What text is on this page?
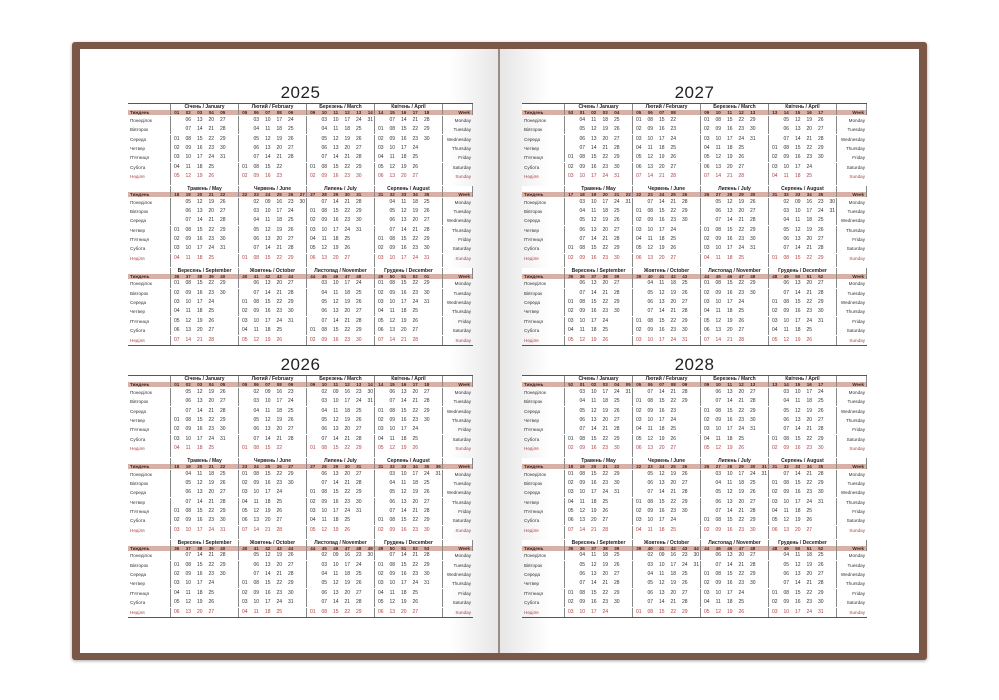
2025
Січень / January	Лютий / February	Березень / March	Квітень / April
Тиждень	01 02 03 04 05	05 06 07 08 09	09 10 11 12 13 14	14 15 16 17 18	Week
Понеділок	06 13 20 27	03 10 17 24	03 10 17 24 31	07 14 21 28	Monday
Вівторок	07 14 21 28	04 11 18 25	04 11 18 25	01 08 15 22 29	Tuesday
Середа	01 08 15 22 29	05 12 19 26	05 12 19 26	02 09 16 23 30	Wednesday
Четвер	02 09 16 23 30	06 13 20 27	06 13 20 27	03 10 17 24	Thursday
П'ятниця	03 10 17 24 31	07 14 21 28	07 14 21 28	04 11 18 25	Friday
Субота	04 11 18 25	01 08 15 22	01 08 15 22 29	05 12 19 26	Saturday
Неділя	05 12 19 26	02 09 16 23	02 09 16 23 30	06 13 20 27	Sunday
Травень / May	Червень / June	Липень / July	Серпень / August
Тиждень	18 19 20 21 22	22 23 24 25 26 27	27 28 29 30 31	31 32 33 34 35	Week
Понеділок	05 12 19 26	02 09 16 23 30	07 14 21 28	04 11 18 25	Monday
Вівторок	06 13 20 27	03 10 17 24	01 08 15 22 29	05 12 19 26	Tuesday
Середа	07 14 21 28	04 11 18 25	02 09 16 23 30	06 13 20 27	Wednesday
Четвер	01 08 15 22 29	05 12 19 26	03 10 17 24 31	07 14 21 28	Thursday
П'ятниця	02 09 16 23 30	06 13 20 27	04 11 18 25	01 08 15 22 29	Friday
Субота	03 10 17 24 31	07 14 21 28	05 12 19 26	02 09 16 23 30	Saturday
Неділя	04 11 18 25	01 08 15 22 29	06 13 20 27	03 10 17 24 31	Sunday
Вересень / September	Жовтень / October	Листопад / November	Грудень / December
Тиждень	36 37 38 39 40	40 41 42 43 44	44 45 46 47 48	49 50 51 52 01	Week
Понеділок	01 08 15 22 29	06 13 20 27	03 10 17 24	01 08 15 22 29	Monday
Вівторок	02 09 16 23 30	07 14 21 28	04 11 18 25	02 09 16 23 30	Tuesday
Середа	03 10 17 24	01 08 15 22 29	05 12 19 26	03 10 17 24 31	Wednesday
Четвер	04 11 18 25	02 09 16 23 30	06 13 20 27	04 11 18 25	Thursday
П'ятниця	05 12 19 26	03 10 17 24 31	07 14 21 28	05 12 19 26	Friday
Субота	06 13 20 27	04 11 18 25	01 08 15 22 29	06 13 20 27	Saturday
Неділя	07 14 21 28	05 12 19 26	02 09 16 23 30	07 14 21 28	Sunday
2026
Січень / January	Лютий / February	Березень / March	Квітень / April
Тиждень	01 02 03 04 05	05 06 07 08 09	09 10 11 12 13 14	14 15 16 17 18	Week
Понеділок	05 12 19 26	02 09 16 23	02 09 16 23 30	06 13 20 27	Monday
Вівторок	06 13 20 27	03 10 17 24	03 10 17 24 31	07 14 21 28	Tuesday
Середа	07 14 21 28	04 11 18 25	04 11 18 25	01 08 15 22 29	Wednesday
Четвер	01 08 15 22 29	05 12 19 26	05 12 19 26	02 09 16 23 30	Thursday
П'ятниця	02 09 16 23 30	06 13 20 27	06 13 20 27	03 10 17 24	Friday
Субота	03 10 17 24 31	07 14 21 28	07 14 21 28	04 11 18 25	Saturday
Неділя	04 11 18 25	01 08 15 22	01 08 15 22 29	05 12 19 26	Sunday
Травень / May	Червень / June	Липень / July	Серпень / August
Тиждень	18 19 20 21 22	23 24 25 26 27	27 28 29 30 31	31 32 33 34 35 36	Week
Понеділок	04 11 18 25	01 08 15 22 29	06 13 20 27	03 10 17 24 31	Monday
Вівторок	05 12 19 26	02 09 16 23 30	07 14 21 28	04 11 18 25	Tuesday
Середа	06 13 20 27	03 10 17 24	01 08 15 22 29	05 12 19 26	Wednesday
Четвер	07 14 21 28	04 11 18 25	02 09 16 23 30	06 13 20 27	Thursday
П'ятниця	01 08 15 22 29	05 12 19 26	03 10 17 24 31	07 14 21 28	Friday
Субота	02 09 16 23 30	06 13 20 27	04 11 18 25	01 08 15 22 29	Saturday
Неділя	03 10 17 24 31	07 14 21 28	05 12 19 26	02 09 16 23 30	Sunday
Вересень / September	Жовтень / October	Листопад / November	Грудень / December
Тиждень	36 37 38 39 40	40 41 42 43 44	44 45 46 47 48 49	49 50 51 52 53	Week
Понеділок	07 14 21 28	05 12 19 26	02 09 16 23 30	07 14 21 28	Monday
Вівторок	01 08 15 22 29	06 13 20 27	03 10 17 24	01 08 15 22 29	Tuesday
Середа	02 09 16 23 30	07 14 21 28	04 11 18 25	02 09 16 23 30	Wednesday
Четвер	03 10 17 24	01 08 15 22 29	05 12 19 26	03 10 17 24 31	Thursday
П'ятниця	04 11 18 25	02 09 16 23 30	06 13 20 27	04 11 18 25	Friday
Субота	05 12 19 26	03 10 17 24 31	07 14 21 28	05 12 19 26	Saturday
Неділя	06 13 20 27	04 11 18 25	01 08 15 22 29	06 13 20 27	Sunday
2027
Січень / January	Лютий / February	Березень / March	Квітень / April
Тиждень	53 01 02 03 04	05 06 07 08	09 10 11 12 13	13 14 15 16 17	Week
Понеділок	04 11 18 25	01 08 15 22	01 08 15 22 29	05 12 19 26	Monday
Вівторок	05 12 19 26	02 09 16 23	02 09 16 23 30	06 13 20 27	Tuesday
Середа	06 13 20 27	03 10 17 24	03 10 17 24 31	07 14 21 28	Wednesday
Четвер	07 14 21 28	04 11 18 25	04 11 18 25	01 08 15 22 29	Thursday
П'ятниця	01 08 15 22 29	05 12 19 26	05 12 19 26	02 09 16 23 30	Friday
Субота	02 09 16 23 30	06 13 20 27	06 13 20 27	03 10 17 24	Saturday
Неділя	03 10 17 24 31	07 14 21 28	07 14 21 28	04 11 18 25	Sunday
Травень / May	Червень / June	Липень / July	Серпень / August
Тиждень	17 18 19 20 21 22	22 23 24 25 26	26 27 28 29 30	31 32 33 34 35	Week
Понеділок	03 10 17 24 31	07 14 21 28	05 12 19 26	02 09 16 23 30	Monday
Вівторок	04 11 18 25	01 08 15 22 29	06 13 20 27	03 10 17 24 31	Tuesday
Середа	05 12 19 26	02 09 16 23 30	07 14 21 28	04 11 18 25	Wednesday
Четвер	06 13 20 27	03 10 17 24	01 08 15 22 29	05 12 19 26	Thursday
П'ятниця	07 14 21 28	04 11 18 25	02 09 16 23 30	06 13 20 27	Friday
Субота	01 08 15 22 29	05 12 19 26	03 10 17 24 31	07 14 21 28	Saturday
Неділя	02 09 16 23 30	06 13 20 27	04 11 18 25	01 08 15 22 29	Sunday
Вересень / September	Жовтень / October	Листопад / November	Грудень / December
Тиждень	35 36 37 38 39	39 40 41 42 43	44 45 46 47 48	48 49 50 51 52	Week
Понеділок	06 13 20 27	04 11 18 25	01 08 15 22 29	06 13 20 27	Monday
Вівторок	07 14 21 28	05 12 19 26	02 09 16 23 30	07 14 21 28	Tuesday
Середа	01 08 15 22 29	06 13 20 27	03 10 17 24	01 08 15 22 29	Wednesday
Четвер	02 09 16 23 30	07 14 21 28	04 11 18 25	02 09 16 23 30	Thursday
П'ятниця	03 10 17 24	01 08 15 22 29	05 12 19 26	03 10 17 24 31	Friday
Субота	04 11 18 25	02 09 16 23 30	06 13 20 27	04 11 18 25	Saturday
Неділя	05 12 19 26	03 10 17 24 31	07 14 21 28	05 12 19 26	Sunday
2028
Січень / January	Лютий / February	Березень / March	Квітень / April
Тиждень	52 01 02 03 04 05	05 06 07 08 09	09 10 11 12 13	13 14 15 16 17	Week
Понеділок	03 10 17 24 31	07 14 21 28	06 13 20 27	03 10 17 24	Monday
Вівторок	04 11 18 25	01 08 15 22 29	07 14 21 28	04 11 18 25	Tuesday
Середа	05 12 19 26	02 09 16 23	01 08 15 22 29	05 12 19 26	Wednesday
Четвер	06 13 20 27	03 10 17 24	02 09 16 23 30	06 13 20 27	Thursday
П'ятниця	07 14 21 28	04 11 18 25	03 10 17 24 31	07 14 21 28	Friday
Субота	01 08 15 22 29	05 12 19 26	04 11 18 25	01 08 15 22 29	Saturday
Неділя	02 09 16 23 30	06 13 20 27	05 12 19 26	02 09 16 23 30	Sunday
Травень / May	Червень / June	Липень / July	Серпень / August
Тиждень	18 19 20 21 22	22 23 24 25 26	26 27 28 29 30 31	31 32 33 34 35	Week
Понеділок	01 08 15 22 29	05 12 19 26	03 10 17 24 31	07 14 21 28	Monday
Вівторок	02 09 16 23 30	06 13 20 27	04 11 18 25	01 08 15 22 29	Tuesday
Середа	03 10 17 24 31	07 14 21 28	05 12 19 26	02 09 16 23 30	Wednesday
Четвер	04 11 18 25	01 08 15 22 29	06 13 20 27	03 10 17 24 31	Thursday
П'ятниця	05 12 19 26	02 09 16 23 30	07 14 21 28	04 11 18 25	Friday
Субота	06 13 20 27	03 10 17 24	01 08 15 22 29	05 12 19 26	Saturday
Неділя	07 14 21 28	04 11 18 25	02 09 16 23 30	06 13 20 27	Sunday
Вересень / September	Жовтень / October	Листопад / November	Грудень / December
Тиждень	35 36 37 38 39	39 40 41 42 43 44	44 45 46 47 48	48 49 50 51 52	Week
Понеділок	04 11 18 25	02 09 16 23 30	06 13 20 27	04 11 18 25	Monday
Вівторок	05 12 19 26	03 10 17 24 31	07 14 21 28	05 12 19 26	Tuesday
Середа	06 13 20 27	04 11 18 25	01 08 15 22 29	06 13 20 27	Wednesday
Четвер	07 14 21 28	05 12 19 26	02 09 16 23 30	07 14 21 28	Thursday
П'ятниця	01 08 15 22 29	06 13 20 27	03 10 17 24	01 08 15 22 29	Friday
Субота	02 09 16 23 30	07 14 21 28	04 11 18 25	02 09 16 23 30	Saturday
Неділя	03 10 17 24	01 08 15 22 29	05 12 19 26	03 10 17 24 31	Sunday
